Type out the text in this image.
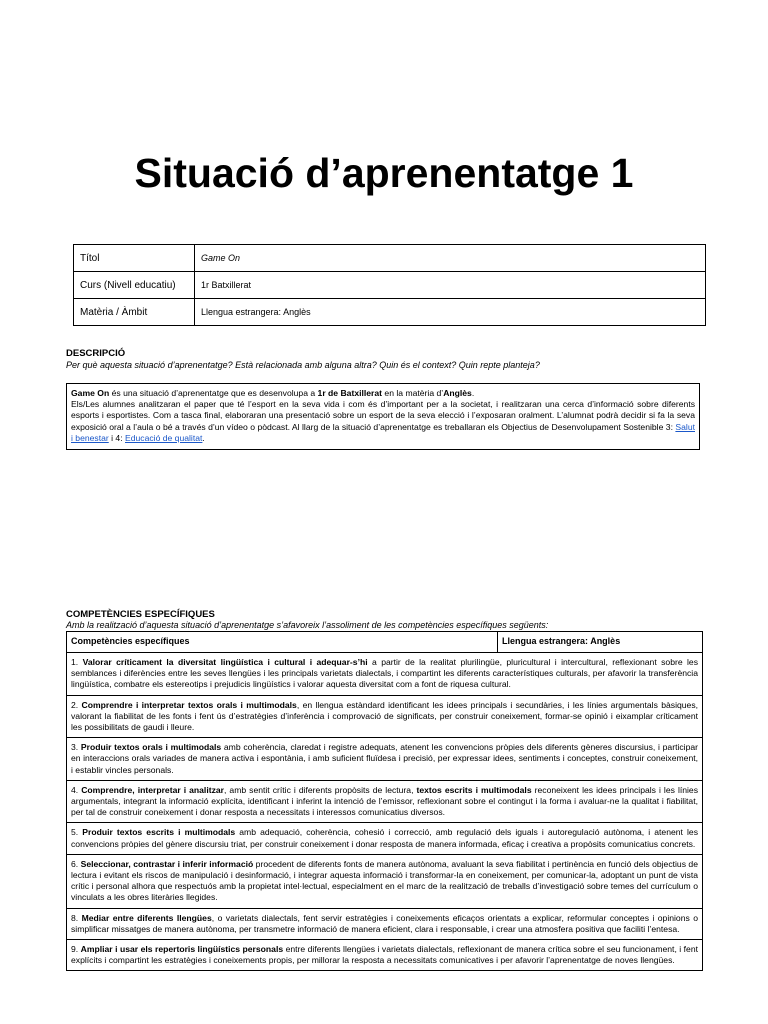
Situació d’aprenentatge 1
Títol	Game On
Curs (Nivell educatiu)	1r Batxillerat
Matèria / Àmbit	Llengua estrangera: Anglès
DESCRIPCIÓ
Per què aquesta situació d’aprenentatge? Està relacionada amb alguna altra? Quin és el context? Quin repte planteja?
Game On és una situació d’aprenentatge que es desenvolupa a 1r de Batxillerat en la matèria d’Anglès.
Els/Les alumnes analitzaran el paper que té l’esport en la seva vida i com és d’important per a la societat, i realitzaran una cerca d’informació sobre diferents esports i esportistes. Com a tasca final, elaboraran una presentació sobre un esport de la seva elecció i l’exposaran oralment. L’alumnat podrà decidir si fa la seva exposició oral a l’aula o bé a través d’un vídeo o pòdcast. Al llarg de la situació d’aprenentatge es treballaran els Objectius de Desenvolupament Sostenible 3: Salut i benestar i 4: Educació de qualitat.
COMPETÈNCIES ESPECÍFIQUES
Amb la realització d’aquesta situació d’aprenentatge s’afavoreix l’assoliment de les competències específiques següents:
Competències específiques	Llengua estrangera: Anglès
1. Valorar críticament la diversitat lingüística i cultural i adequar-s’hi a partir de la realitat plurilingüe, pluricultural i intercultural, reflexionant sobre les semblances i diferències entre les seves llengües i les principals varietats dialectals, i compartint les diferents característiques culturals, per afavorir la transferència lingüística, combatre els estereotips i prejudicis lingüístics i valorar aquesta diversitat com a font de riquesa cultural.
2. Comprendre i interpretar textos orals i multimodals, en llengua estàndard identificant les idees principals i secundàries, i les línies argumentals bàsiques, valorant la fiabilitat de les fonts i fent ús d’estratègies d’inferència i comprovació de significats, per construir coneixement, formar-se opinió i eixamplar críticament les possibilitats de gaudi i lleure.
3. Produir textos orals i multimodals amb coherència, claredat i registre adequats, atenent les convencions pròpies dels diferents gèneres discursius, i participar en interaccions orals variades de manera activa i espontània, i amb suficient fluïdesa i precisió, per expressar idees, sentiments i conceptes, construir coneixement, i establir vincles personals.
4. Comprendre, interpretar i analitzar, amb sentit crític i diferents propòsits de lectura, textos escrits i multimodals reconeixent les idees principals i les línies argumentals, integrant la informació explícita, identificant i inferint la intenció de l’emissor, reflexionant sobre el contingut i la forma i avaluar-ne la qualitat i fiabilitat, per tal de construir coneixement i donar resposta a necessitats i interessos comunicatius diversos.
5. Produir textos escrits i multimodals amb adequació, coherència, cohesió i correcció, amb regulació dels iguals i autoregulació autònoma, i atenent les convencions pròpies del gènere discursiu triat, per construir coneixement i donar resposta de manera informada, eficaç i creativa a propòsits comunicatius concrets.
6. Seleccionar, contrastar i inferir informació procedent de diferents fonts de manera autònoma, avaluant la seva fiabilitat i pertinència en funció dels objectius de lectura i evitant els riscos de manipulació i desinformació, i integrar aquesta informació i transformar-la en coneixement, per comunicar-la, adoptant un punt de vista crític i personal alhora que respectuós amb la propietat intel·lectual, especialment en el marc de la realització de treballs d’investigació sobre temes del currículum o vinculats a les obres literàries llegides.
8. Mediar entre diferents llengües, o varietats dialectals, fent servir estratègies i coneixements eficaços orientats a explicar, reformular conceptes i opinions o simplificar missatges de manera autònoma, per transmetre informació de manera eficient, clara i responsable, i crear una atmosfera positiva que faciliti l’entesa.
9. Ampliar i usar els repertoris lingüístics personals entre diferents llengües i varietats dialectals, reflexionant de manera crítica sobre el seu funcionament, i fent explícits i compartint les estratègies i coneixements propis, per millorar la resposta a necessitats comunicatives i per afavorir l’aprenentatge de noves llengües.
